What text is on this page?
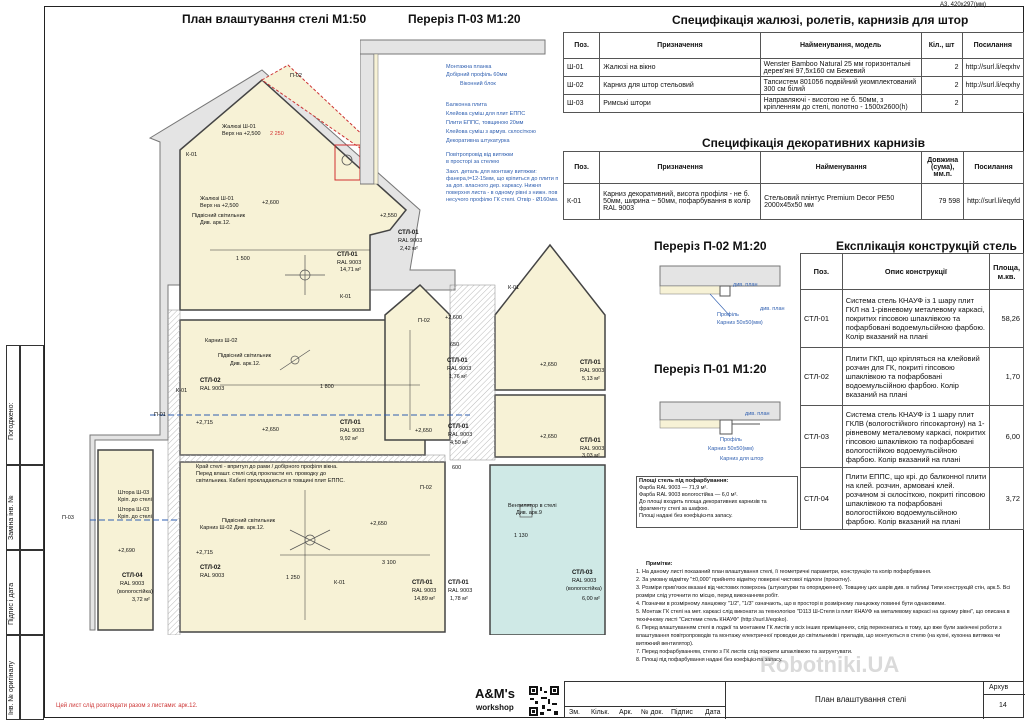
А3, 420х297(мм)
Погоджено:
Заміна інв. №
Підпис і дата
Інв. № оригіналу
План влаштування стелі М1:50	Переріз П-03 М1:20
Жалюзі Ш-01
Верх на +2,500
Жалюзі Ш-01
Верх на +2,500
Підвісний світильник
Див. арк.12.
СТЛ-01
RAL 9003
14,71 м²
СТЛ-01
RAL 9003
2,42 м²
+2,600
+2,550
1 500
2 250
Карниз Ш-02
Підвісний світильник
Див. арк.12.
СТЛ-02
RAL 9003	1 800
+2,650
СТЛ-01
RAL 9003
9,92 м²
+2,715
+2,600
650
СТЛ-01
RAL 9003
1,76 м²
СТЛ-01
RAL 9003
4,50 м²
+2,650
СТЛ-01
RAL 9003
5,13 м²
+2,650
СТЛ-01
RAL 9003
3,03 м²
+2,650
Край стелі - впритул до рами / добірного профіля вікна.
Перед влашт. стелі слід прокласти ел. проводку до
світильника. Кабелі прокладаються в товщині плит ЕППС.
Карниз Ш-02
Підвісний світильник
Див. арк.12.
СТЛ-02
RAL 9003
+2,715
+2,650
3 100
1 250
СТЛ-01
RAL 9003
14,89 м²
СТЛ-01
RAL 9003
1,78 м²
600
Штора Ш-03
Кріп. до стелі
Штора Ш-03
Кріп. до стелі
+2,690
СТЛ-04
RAL 9003
(вологостійка)
3,72 м²
Вентилятор в стелі
Див. арк.9
1 130
СТЛ-03
RAL 9003
(вологостійка)
6,00 м²
К-01
К-01
К-01
К-01
К-01
П-01
П-03
П-02
П-02
П-02
Монтажна планка
Добірний профіль 60мм
Віконний блок
Балконна плита
Клейова суміш для плит ЕППС
Плити ЕППС, товщиною 20мм
Клейова суміш з армув. склосіткою
Декоративна штукатурка
Повітропровід від витяжки
в просторі за стелею
Закл. деталь для монтажу витяжки:
фанера,t=12-15мм, що кріпиться до плити п
за доп. власного дер. каркасу. Нижня
поверхня листа - в одному рівні з нижн. пов
несучого профілю ГК стелі. Отвір - Ø160мм.
Специфікація жалюзі, ролетів, карнизів для штор
Поз.	Призначення	Найменування, модель	Кіл., шт	Посилання
Ш-01	Жалюзі на вікно	Wenster Bamboo Natural 25 мм горизонтальні дерев'яні 97,5х160 см Бежевий	2	http://surl.li/eqxhv
Ш-02	Карниз для штор стельовий	Тапсистем 801056 подвійний укомплектований 300 см білий	2	http://surl.li/eqxhy
Ш-03	Римські штори	Направляючі - висотою не б. 50мм, з кріпленням до стелі, полотно - 1500х2600(h)	2	
Специфікація декоративних карнизів
Поз.	Призначення	Найменування	Довжина (сума), мм.п.	Посилання
К-01	Карниз декоративний, висота профіля - не б. 50мм, ширина ~ 50мм, пофарбування в колір RAL 9003	Стельовий плінтус Premium Decor PE50 2000х45х50 мм	79 598	http://surl.li/eqyfd
Переріз П-02 М1:20
див. план
див. план
Профіль
Карниз 50х50(мм)
Переріз П-01 М1:20
див. план
Профіль
Карниз 50х50(мм)
Карниз для штор
Експлікація конструкцій стель
Поз.	Опис конструкції	Площа, м.кв.
СТЛ-01	Система стель КНАУФ із 1 шару плит ГКЛ на 1-рівневому металевому каркасі, покритих гіпсовою шпаклівкою та пофарбовані водоемульсійною фарбою. Колір вказаний на плані	58,26
СТЛ-02	Плити ГКП, що кріпляться на клейовий розчин для ГК, покриті гіпсовою шпаклівкою та пофарбовані водоемульсійною фарбою. Колір вказаний на плані	1,70
СТЛ-03	Система стель КНАУФ із 1 шару плит ГКЛВ (вологостійкого гіпсокартону) на 1-рівневому металевому каркасі, покритих гіпсовою шпаклівкою та пофарбовані вологостійкою водоемульсійною фарбою. Колір вказаний на плані	6,00
СТЛ-04	Плити ЕППС, що крі. до балконної плити на клей. розчин, армовані клей. розчином зі склосіткою, покриті гіпсовою шпаклівкою та пофарбовані вологостійкою водоемульсійною фарбою. Колір вказаний на плані	3,72
Площі стель під пофарбування:
Фарба RAL 9003 — 71,9 м².
Фарба RAL 9003 вологостійка — 6,0 м².
До площі входить площа декоративних карнизів та
фрагменту стелі за шафою.
Площі надані без коефіцієнта запасу.
Примітки:
1. На даному листі показаний план влаштування стелі, її геометричні параметри, конструкцію та колір пофарбування.
2. За умовну відмітку "±0,000" прийнято відмітку поверхні чистової підлоги (проєктну).
3. Розміри прив'язок вказані від чистових поверхонь (штукатурки та опорядження). Товщину цих шарів див. в таблиці Типи конструкцій стін, арк.5. Всі розміри слід уточнити по місцю, перед виконанням робіт.
4. Позначки в розмірному ланцюжку "1/2", "1/3" означають, що в просторі в розмірному ланцюжку повинні бути однаковими.
5. Монтаж ГК стелі на мет. каркасі слід виконати за технологією "D113 Ш-Стеля із плит КНАУФ на металевому каркасі на одному рівні", що описана в технічному листі "Системи стель КНАУФ" (http://surl.li/eqoko).
6. Перед влаштуванням стелі в лоджії та монтажем ГК листів у всіх інших приміщеннях, слід переконатись в тому, що вже були закінчені роботи з влаштування повітропроводів та монтажу електричної проводки до світильників і приладів, що монтуються в стелю (на кухні, кухонна витяжка чи витяжний вентилятор).
7. Перед пофарбуванням, стелю з ГК листів слід покрити шпаклівкою та загрунтувати.
8. Площі під пофарбування надані без коефіцієнта запасу.
Robotniki.UA
Цей лист слід розглядати разом з листами: арк.12.
A&M's
workshop
Зм. Кільк. Арк. № док. Підпис Дата
План влаштування стелі
Архув
14
